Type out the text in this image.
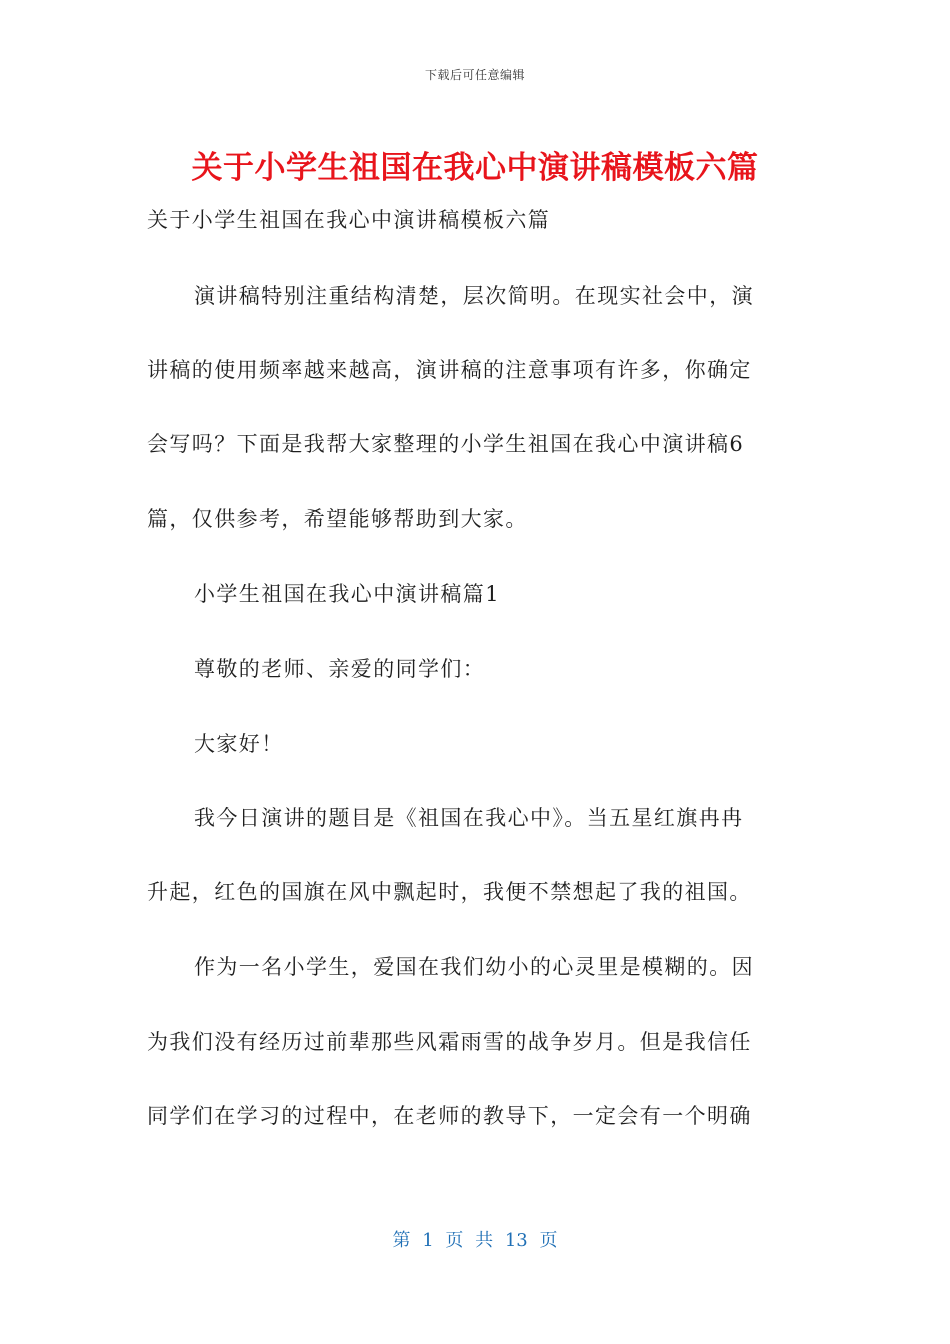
下载后可任意编辑
关于小学生祖国在我心中演讲稿模板六篇
关于小学生祖国在我心中演讲稿模板六篇
演讲稿特别注重结构清楚，层次简明。在现实社会中，演
讲稿的使用频率越来越高，演讲稿的注意事项有许多，你确定
会写吗？下面是我帮大家整理的小学生祖国在我心中演讲稿6
篇，仅供参考，希望能够帮助到大家。
小学生祖国在我心中演讲稿篇1
尊敬的老师、亲爱的同学们：
大家好！
我今日演讲的题目是《祖国在我心中》。当五星红旗冉冉
升起，红色的国旗在风中飘起时，我便不禁想起了我的祖国。
作为一名小学生，爱国在我们幼小的心灵里是模糊的。因
为我们没有经历过前辈那些风霜雨雪的战争岁月。但是我信任
同学们在学习的过程中，在老师的教导下，一定会有一个明确
第 1 页 共 13 页
